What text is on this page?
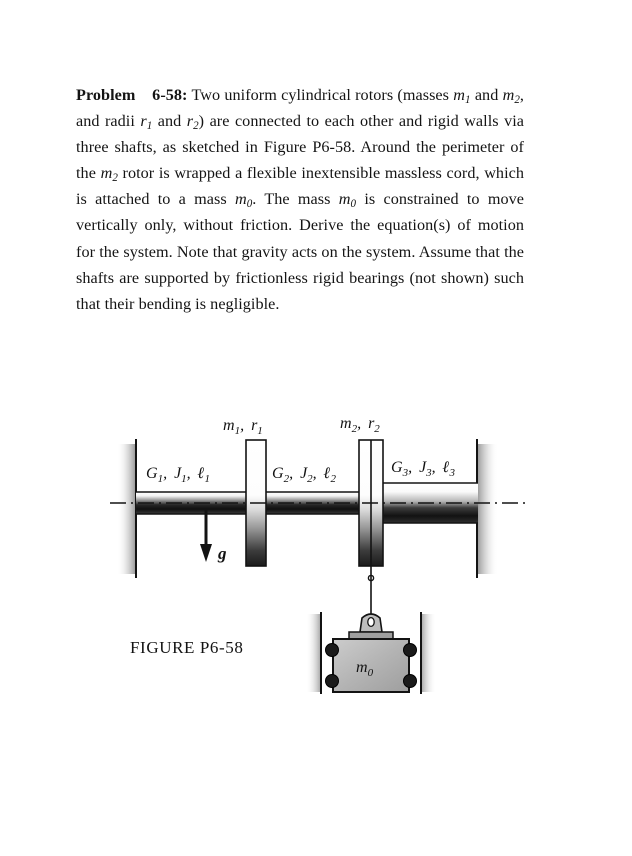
Problem 6-58: Two uniform cylindrical rotors (masses $m_1$ and $m_2$, and radii $r_1$ and $r_2$) are connected to each other and rigid walls via three shafts, as sketched in Figure P6-58. Around the perimeter of the $m_2$ rotor is wrapped a flexible inextensible massless cord, which is attached to a mass $m_0$. The mass $m_0$ is constrained to move vertically only, without friction. Derive the equation(s) of motion for the system. Note that gravity acts on the system. Assume that the shafts are supported by frictionless rigid bearings (not shown) such that their bending is negligible.

g
$m_1$, $r_1$	$m_2$, $r_2$
$G_1$, $J_1$, ℓ$_1$	$G_2$, $J_2$, ℓ$_2$
$G_3$, $J_3$, ℓ$_3$
$m_0$
FIGURE P6-58
